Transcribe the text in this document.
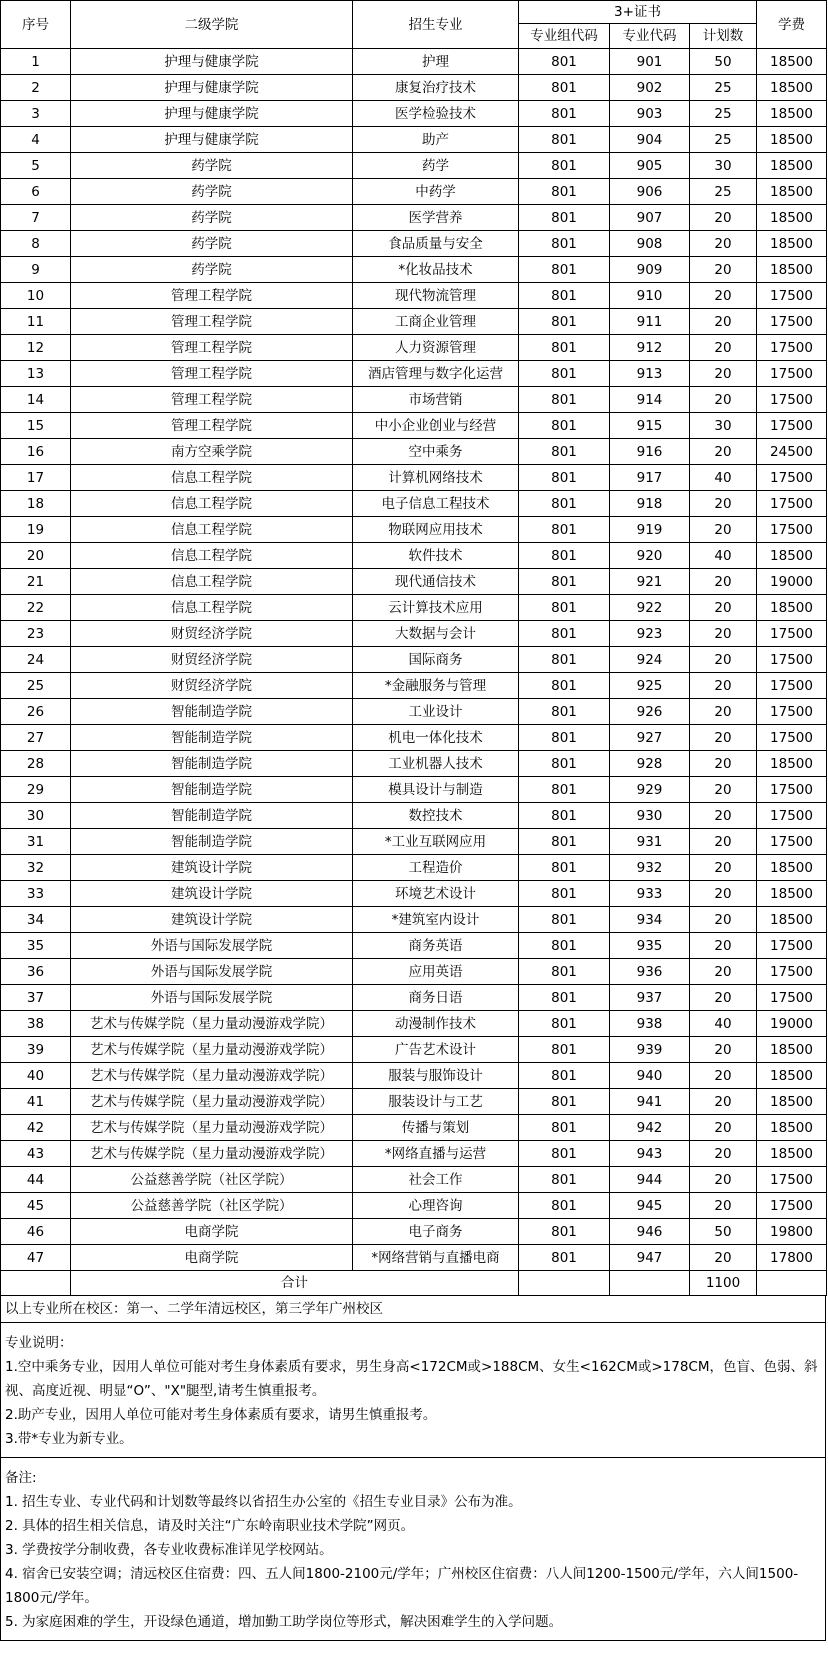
序号	二级学院	招生专业	3+证书			学费
			专业组代码	专业代码	计划数	
1	护理与健康学院	护理	801	901	50	18500
2	护理与健康学院	康复治疗技术	801	902	25	18500
3	护理与健康学院	医学检验技术	801	903	25	18500
4	护理与健康学院	助产	801	904	25	18500
5	药学院	药学	801	905	30	18500
6	药学院	中药学	801	906	25	18500
7	药学院	医学营养	801	907	20	18500
8	药学院	食品质量与安全	801	908	20	18500
9	药学院	*化妆品技术	801	909	20	18500
10	管理工程学院	现代物流管理	801	910	20	17500
11	管理工程学院	工商企业管理	801	911	20	17500
12	管理工程学院	人力资源管理	801	912	20	17500
13	管理工程学院	酒店管理与数字化运营	801	913	20	17500
14	管理工程学院	市场营销	801	914	20	17500
15	管理工程学院	中小企业创业与经营	801	915	30	17500
16	南方空乘学院	空中乘务	801	916	20	24500
17	信息工程学院	计算机网络技术	801	917	40	17500
18	信息工程学院	电子信息工程技术	801	918	20	17500
19	信息工程学院	物联网应用技术	801	919	20	17500
20	信息工程学院	软件技术	801	920	40	18500
21	信息工程学院	现代通信技术	801	921	20	19000
22	信息工程学院	云计算技术应用	801	922	20	18500
23	财贸经济学院	大数据与会计	801	923	20	17500
24	财贸经济学院	国际商务	801	924	20	17500
25	财贸经济学院	*金融服务与管理	801	925	20	17500
26	智能制造学院	工业设计	801	926	20	17500
27	智能制造学院	机电一体化技术	801	927	20	17500
28	智能制造学院	工业机器人技术	801	928	20	18500
29	智能制造学院	模具设计与制造	801	929	20	17500
30	智能制造学院	数控技术	801	930	20	17500
31	智能制造学院	*工业互联网应用	801	931	20	17500
32	建筑设计学院	工程造价	801	932	20	18500
33	建筑设计学院	环境艺术设计	801	933	20	18500
34	建筑设计学院	*建筑室内设计	801	934	20	18500
35	外语与国际发展学院	商务英语	801	935	20	17500
36	外语与国际发展学院	应用英语	801	936	20	17500
37	外语与国际发展学院	商务日语	801	937	20	17500
38	艺术与传媒学院（星力量动漫游戏学院）	动漫制作技术	801	938	40	19000
39	艺术与传媒学院（星力量动漫游戏学院）	广告艺术设计	801	939	20	18500
40	艺术与传媒学院（星力量动漫游戏学院）	服装与服饰设计	801	940	20	18500
41	艺术与传媒学院（星力量动漫游戏学院）	服装设计与工艺	801	941	20	18500
42	艺术与传媒学院（星力量动漫游戏学院）	传播与策划	801	942	20	18500
43	艺术与传媒学院（星力量动漫游戏学院）	*网络直播与运营	801	943	20	18500
44	公益慈善学院（社区学院）	社会工作	801	944	20	17500
45	公益慈善学院（社区学院）	心理咨询	801	945	20	17500
46	电商学院	电子商务	801	946	50	19800
47	电商学院	*网络营销与直播电商	801	947	20	17800
	合计				1100	
以上专业所在校区：第一、二学年清远校区，第三学年广州校区
专业说明：
1.空中乘务专业，因用人单位可能对考生身体素质有要求，男生身高<172CM或>188CM、女生<162CM或>178CM，色盲、色弱、斜视、高度近视、明显“O”、"X"腿型,请考生慎重报考。
2.助产专业，因用人单位可能对考生身体素质有要求，请男生慎重报考。
3.带*专业为新专业。
备注:
1. 招生专业、专业代码和计划数等最终以省招生办公室的《招生专业目录》公布为准。
2. 具体的招生相关信息，请及时关注“广东岭南职业技术学院”网页。
3. 学费按学分制收费，各专业收费标准详见学校网站。
4. 宿舍已安装空调；清远校区住宿费：四、五人间1800-2100元/学年；广州校区住宿费：八人间1200-1500元/学年，六人间1500-1800元/学年。
5. 为家庭困难的学生，开设绿色通道，增加勤工助学岗位等形式，解决困难学生的入学问题。
